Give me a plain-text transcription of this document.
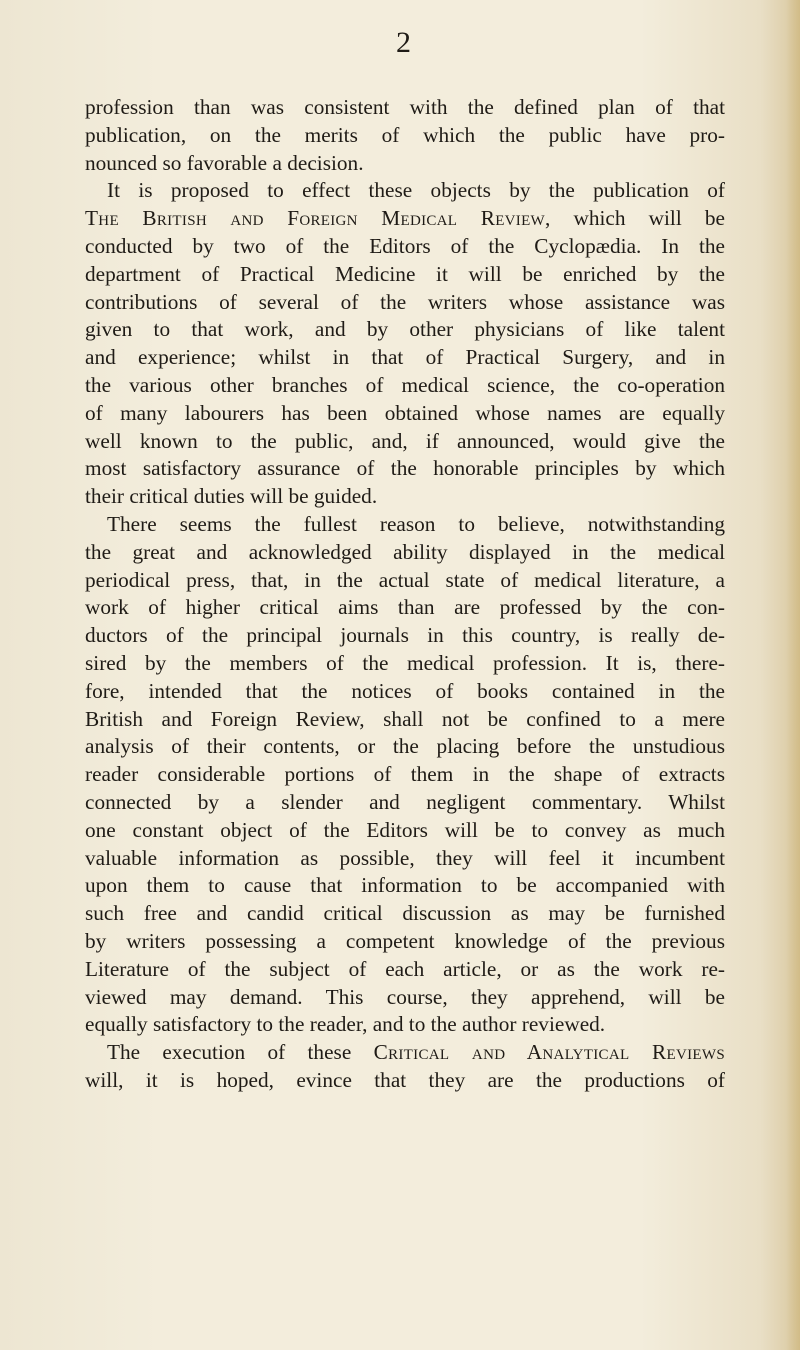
2
profession than was consistent with the defined plan of that
publication, on the merits of which the public have pro-
nounced so favorable a decision.
It is proposed to effect these objects by the publication of
The British and Foreign Medical Review, which will be
conducted by two of the Editors of the Cyclopædia. In the
department of Practical Medicine it will be enriched by the
contributions of several of the writers whose assistance was
given to that work, and by other physicians of like talent
and experience; whilst in that of Practical Surgery, and in
the various other branches of medical science, the co-operation
of many labourers has been obtained whose names are equally
well known to the public, and, if announced, would give the
most satisfactory assurance of the honorable principles by which
their critical duties will be guided.
There seems the fullest reason to believe, notwithstanding
the great and acknowledged ability displayed in the medical
periodical press, that, in the actual state of medical literature, a
work of higher critical aims than are professed by the con-
ductors of the principal journals in this country, is really de-
sired by the members of the medical profession. It is, there-
fore, intended that the notices of books contained in the
British and Foreign Review, shall not be confined to a mere
analysis of their contents, or the placing before the unstudious
reader considerable portions of them in the shape of extracts
connected by a slender and negligent commentary. Whilst
one constant object of the Editors will be to convey as much
valuable information as possible, they will feel it incumbent
upon them to cause that information to be accompanied with
such free and candid critical discussion as may be furnished
by writers possessing a competent knowledge of the previous
Literature of the subject of each article, or as the work re-
viewed may demand. This course, they apprehend, will be
equally satisfactory to the reader, and to the author reviewed.
The execution of these Critical and Analytical Reviews
will, it is hoped, evince that they are the productions of
